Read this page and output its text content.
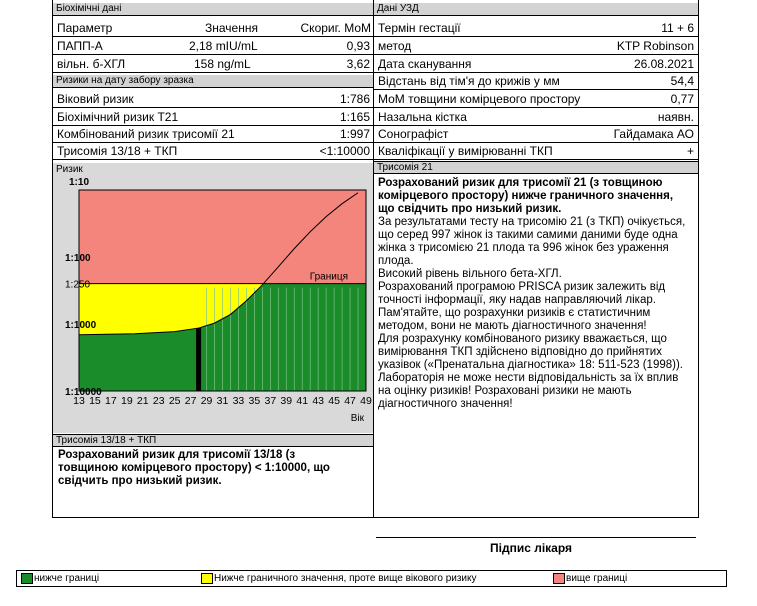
Біохімічні дані
Параметр	Значення	Скориг. МоМ
ПАПП-А	2,18 mIU/mL	0,93
вільн. б-ХГЛ	158 ng/mL	3,62
Ризики на дату забору зразка
Віковий ризик	1:786
Біохімічний ризик Т21	1:165
Комбінований ризик трисомії 21	1:997
Трисомія 13/18 + ТКП	<1:10000
Ризик
1:10
1:100
1:250
1:1000
1:10000
13 15 17 19 21 23 25 27 29 31 33 35 37 39 41 43 45 47 49
Вік
Границя
Трисомія 13/18 + ТКП
Розрахований ризик для трисомії 13/18 (з товщиною комірцевого простору) < 1:10000, що свідчить про низький ризик.
Дані УЗД
Термін гестації	11 + 6
метод	KTP Robinson
Дата сканування	26.08.2021
Відстань від тім'я до крижів у мм	54,4
МоМ товщини комірцевого простору	0,77
Назальна кістка	наявн.
Сонографіст	Гайдамака АО
Кваліфікації у вимірюванні ТКП	+
Трисомія 21
Розрахований ризик для трисомії 21 (з товщиною комірцевого простору) нижче граничного значення, що свідчить про низький ризик.
За результатами тесту на трисомію 21 (з ТКП) очікується, що серед 997 жінок із такими самими даними буде одна жінка з трисомією 21 плода та 996 жінок без ураження плода.
Високий рівень вільного бета-ХГЛ.
Розрахований програмою PRISCA ризик залежить від точності інформації, яку надав направляючий лікар. Пам'ятайте, що розрахунки ризиків є статистичним методом, вони не мають діагностичного значення!
Для розрахунку комбінованого ризику вважається, що вимірювання ТКП здійснено відповідно до прийнятих указівок («Пренатальна діагностика» 18: 511-523 (1998)).
Лабораторія не може нести відповідальність за їх вплив на оцінку ризиків! Розраховані ризики не мають діагностичного значення!
Підпис лікаря
нижче границі	Нижче граничного значення, проте вище вікового ризику	вище границі
